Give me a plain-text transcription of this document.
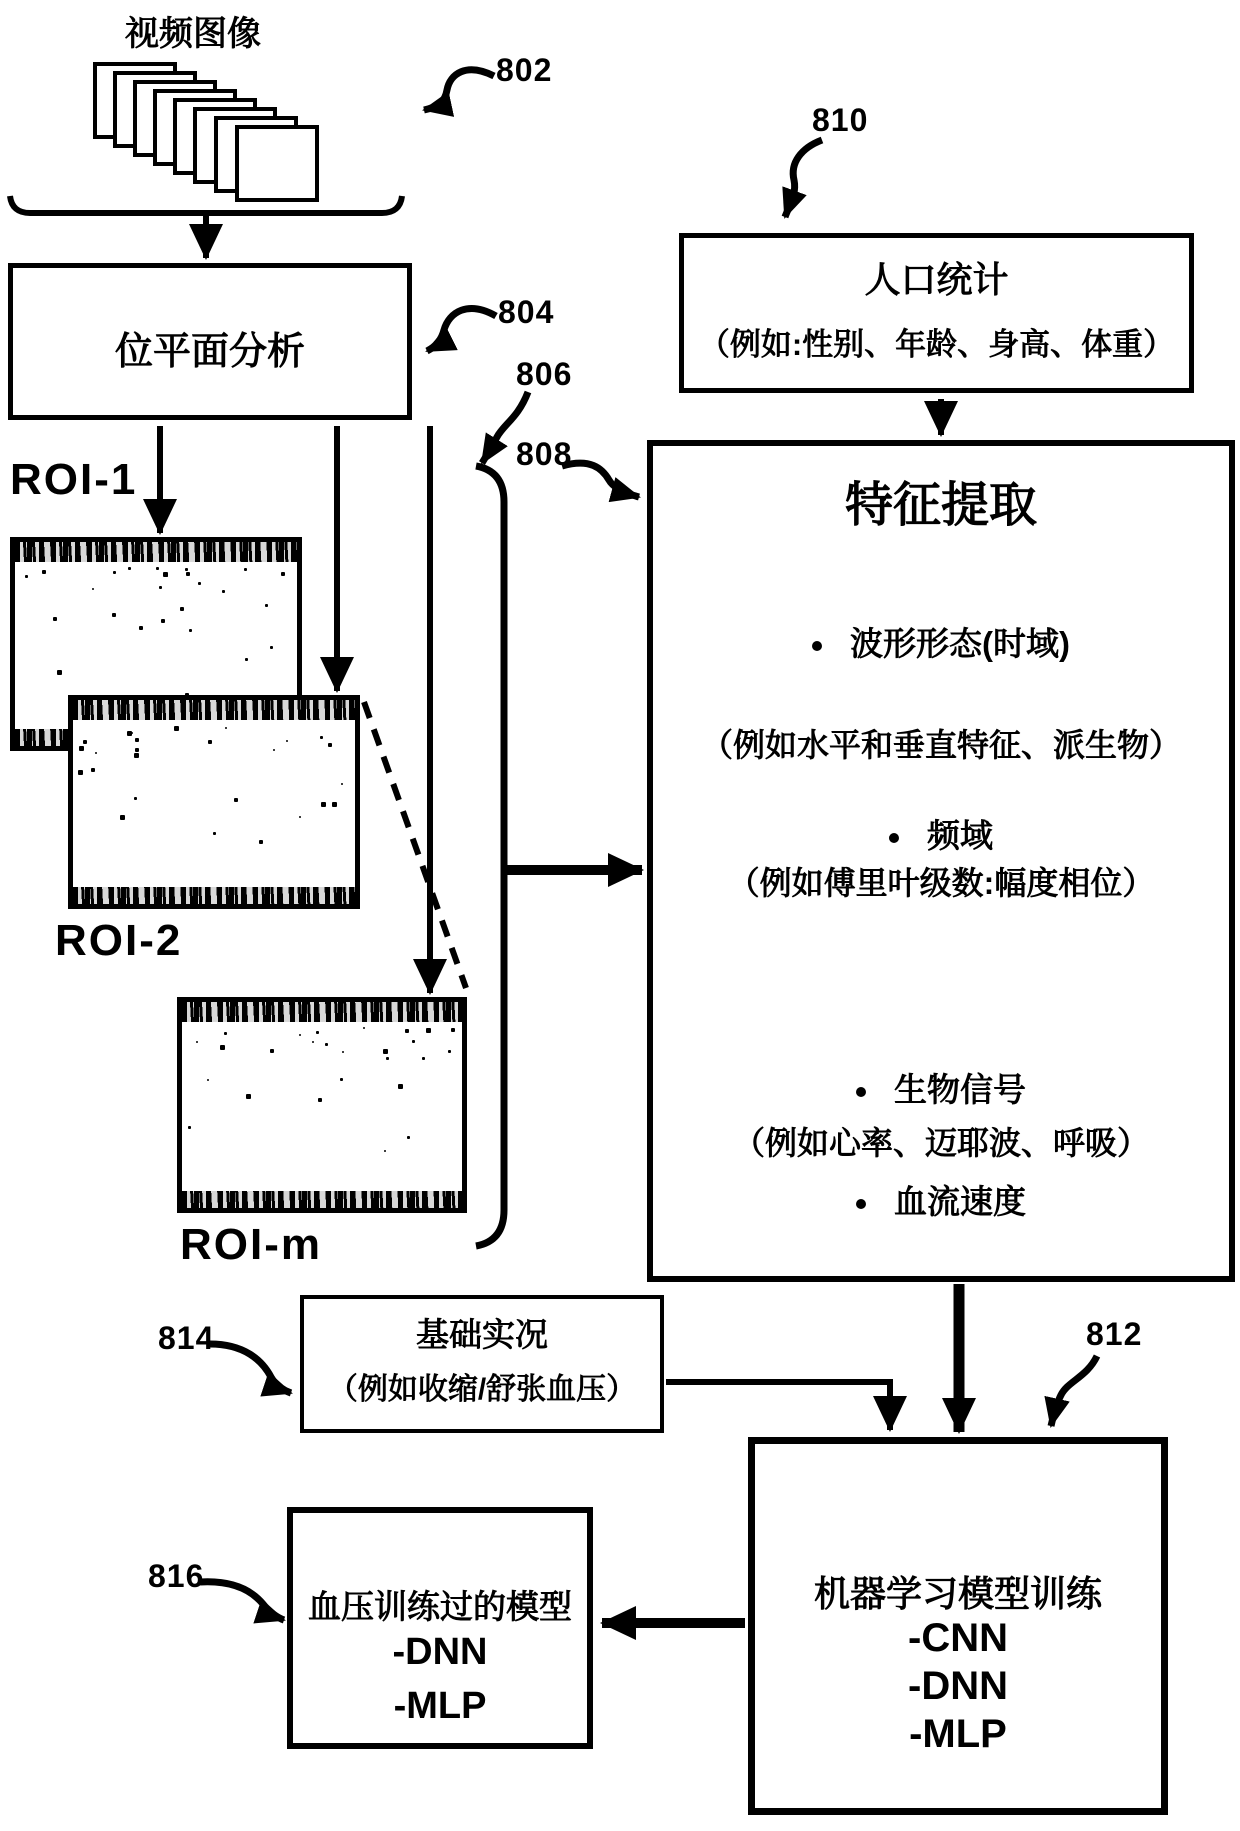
视频图像
802
804
806
808
810
812
814
816
位平面分析
ROI-1
ROI-2
ROI-m
人口统计
（例如:性别、年龄、身高、体重）
特征提取
波形形态(时域)
（例如水平和垂直特征、派生物）
频域
（例如傅里叶级数:幅度相位）
生物信号
（例如心率、迈耶波、呼吸）
血流速度
基础实况
（例如收缩/舒张血压）
机器学习模型训练
-CNN
-DNN
-MLP
血压训练过的模型
-DNN
-MLP
